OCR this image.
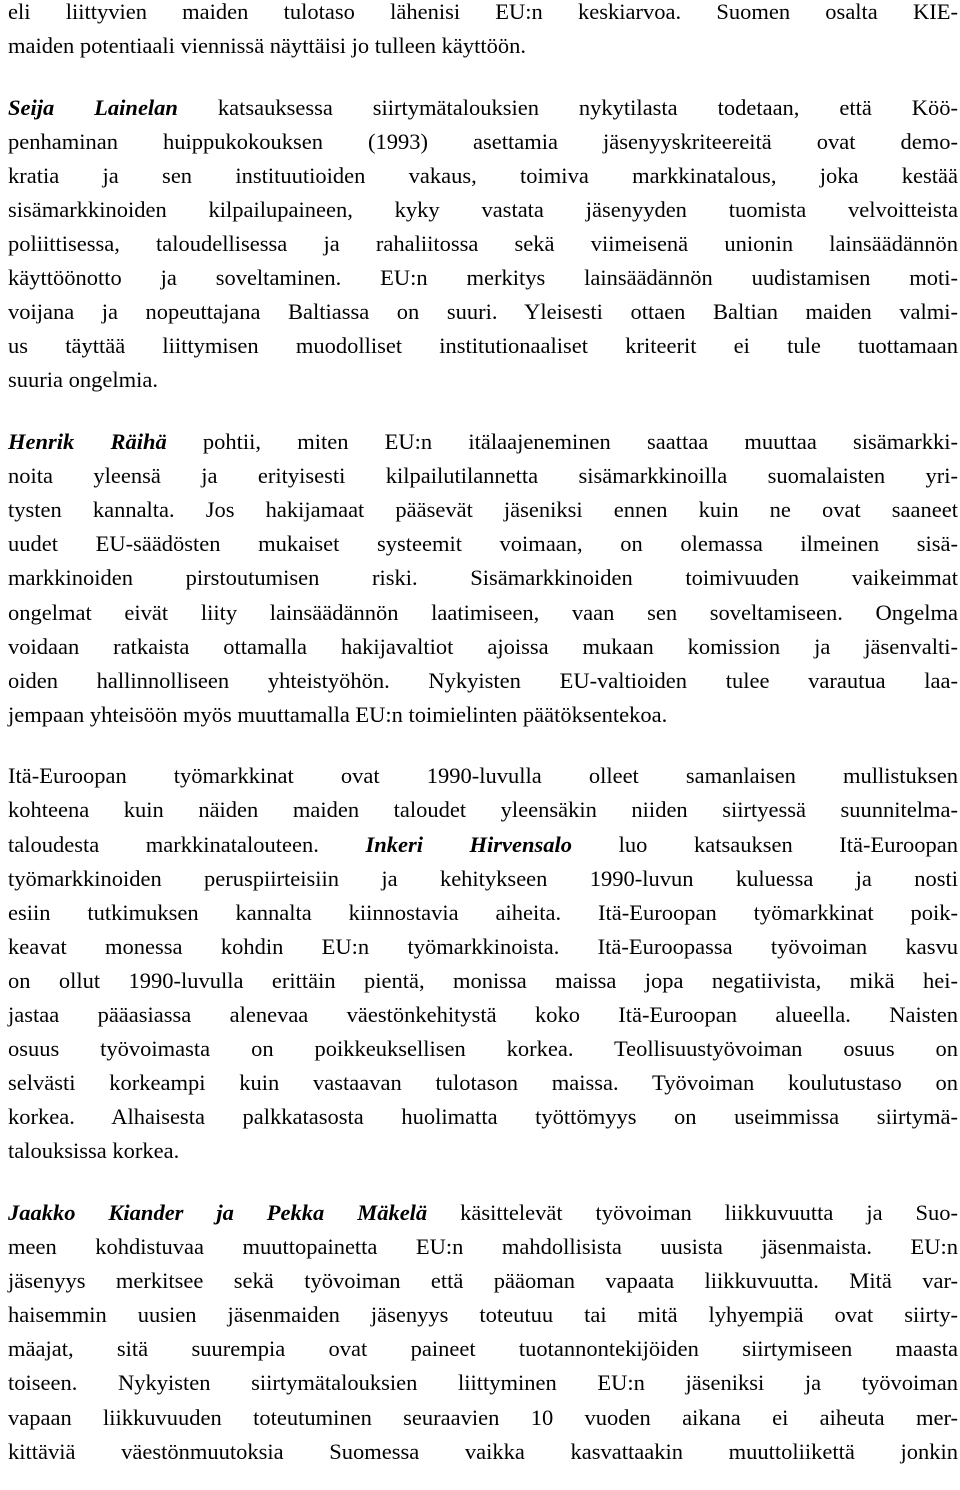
eli liittyvien maiden tulotaso lähenisi EU:n keskiarvoa. Suomen osalta KIE-
maiden potentiaali viennissä näyttäisi jo tulleen käyttöön.
Seija Lainelan katsauksessa siirtymätalouksien nykytilasta todetaan, että Köö-
penhaminan huippukokouksen (1993) asettamia jäsenyyskriteereitä ovat demo-
kratia ja sen instituutioiden vakaus, toimiva markkinatalous, joka kestää
sisämarkkinoiden kilpailupaineen, kyky vastata jäsenyyden tuomista velvoitteista
poliittisessa, taloudellisessa ja rahaliitossa sekä viimeisenä unionin lainsäädännön
käyttöönotto ja soveltaminen. EU:n merkitys lainsäädännön uudistamisen moti-
voijana ja nopeuttajana Baltiassa on suuri. Yleisesti ottaen Baltian maiden valmi-
us täyttää liittymisen muodolliset institutionaaliset kriteerit ei tule tuottamaan
suuria ongelmia.
Henrik Räihä pohtii, miten EU:n itälaajeneminen saattaa muuttaa sisämarkki-
noita yleensä ja erityisesti kilpailutilannetta sisämarkkinoilla suomalaisten yri-
tysten kannalta. Jos hakijamaat pääsevät jäseniksi ennen kuin ne ovat saaneet
uudet EU-säädösten mukaiset systeemit voimaan, on olemassa ilmeinen sisä-
markkinoiden pirstoutumisen riski. Sisämarkkinoiden toimivuuden vaikeimmat
ongelmat eivät liity lainsäädännön laatimiseen, vaan sen soveltamiseen. Ongelma
voidaan ratkaista ottamalla hakijavaltiot ajoissa mukaan komission ja jäsenvalti-
oiden hallinnolliseen yhteistyöhön. Nykyisten EU-valtioiden tulee varautua laa-
jempaan yhteisöön myös muuttamalla EU:n toimielinten päätöksentekoa.
Itä-Euroopan työmarkkinat ovat 1990-luvulla olleet samanlaisen mullistuksen
kohteena kuin näiden maiden taloudet yleensäkin niiden siirtyessä suunnitelma-
taloudesta markkinatalouteen. Inkeri Hirvensalo luo katsauksen Itä-Euroopan
työmarkkinoiden peruspiirteisiin ja kehitykseen 1990-luvun kuluessa ja nosti
esiin tutkimuksen kannalta kiinnostavia aiheita. Itä-Euroopan työmarkkinat poik-
keavat monessa kohdin EU:n työmarkkinoista. Itä-Euroopassa työvoiman kasvu
on ollut 1990-luvulla erittäin pientä, monissa maissa jopa negatiivista, mikä hei-
jastaa pääasiassa alenevaa väestönkehitystä koko Itä-Euroopan alueella. Naisten
osuus työvoimasta on poikkeuksellisen korkea. Teollisuustyövoiman osuus on
selvästi korkeampi kuin vastaavan tulotason maissa. Työvoiman koulutustaso on
korkea. Alhaisesta palkkatasosta huolimatta työttömyys on useimmissa siirtymä-
talouksissa korkea.
Jaakko Kiander ja Pekka Mäkelä käsittelevät työvoiman liikkuvuutta ja Suo-
meen kohdistuvaa muuttopainetta EU:n mahdollisista uusista jäsenmaista. EU:n
jäsenyys merkitsee sekä työvoiman että pääoman vapaata liikkuvuutta. Mitä var-
haisemmin uusien jäsenmaiden jäsenyys toteutuu tai mitä lyhyempiä ovat siirty-
mäajat, sitä suurempia ovat paineet tuotannontekijöiden siirtymiseen maasta
toiseen. Nykyisten siirtymätalouksien liittyminen EU:n jäseniksi ja työvoiman
vapaan liikkuvuuden toteutuminen seuraavien 10 vuoden aikana ei aiheuta mer-
kittäviä väestönmuutoksia Suomessa vaikka kasvattaakin muuttoliikettä jonkin
